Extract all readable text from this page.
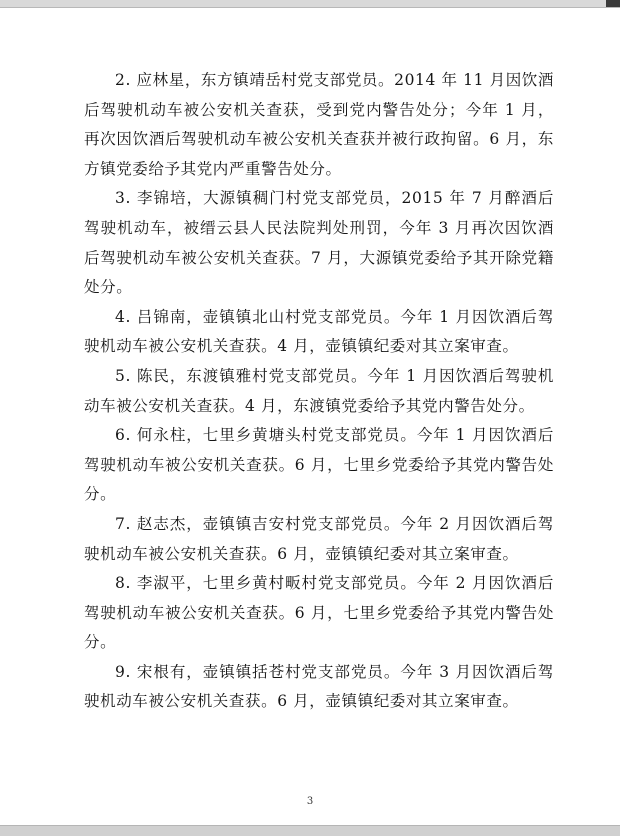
2. 应林星，东方镇靖岳村党支部党员。2014 年 11 月因饮酒后驾驶机动车被公安机关查获，受到党内警告处分；今年 1 月，再次因饮酒后驾驶机动车被公安机关查获并被行政拘留。6 月，东方镇党委给予其党内严重警告处分。

3. 李锦培，大源镇稠门村党支部党员，2015 年 7 月醉酒后驾驶机动车，被缙云县人民法院判处刑罚，今年 3 月再次因饮酒后驾驶机动车被公安机关查获。7 月，大源镇党委给予其开除党籍处分。

4. 吕锦南，壶镇镇北山村党支部党员。今年 1 月因饮酒后驾驶机动车被公安机关查获。4 月，壶镇镇纪委对其立案审查。

5. 陈民，东渡镇雅村党支部党员。今年 1 月因饮酒后驾驶机动车被公安机关查获。4 月，东渡镇党委给予其党内警告处分。

6. 何永柱，七里乡黄塘头村党支部党员。今年 1 月因饮酒后驾驶机动车被公安机关查获。6 月，七里乡党委给予其党内警告处分。

7. 赵志杰，壶镇镇吉安村党支部党员。今年 2 月因饮酒后驾驶机动车被公安机关查获。6 月，壶镇镇纪委对其立案审查。

8. 李淑平，七里乡黄村畈村党支部党员。今年 2 月因饮酒后驾驶机动车被公安机关查获。6 月，七里乡党委给予其党内警告处分。

9. 宋根有，壶镇镇括苍村党支部党员。今年 3 月因饮酒后驾驶机动车被公安机关查获。6 月，壶镇镇纪委对其立案审查。

3
